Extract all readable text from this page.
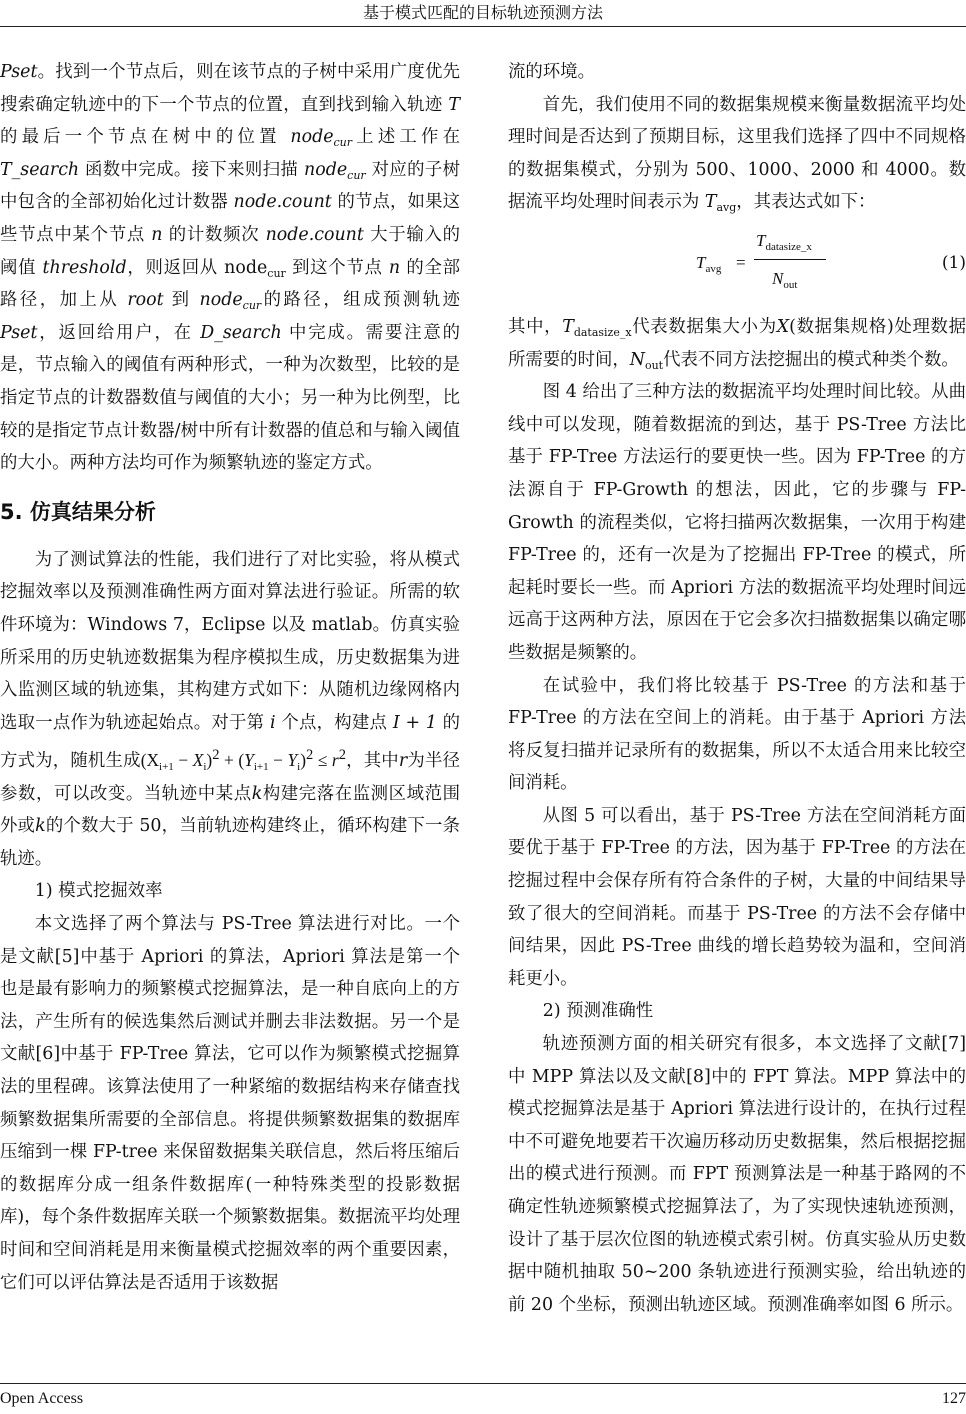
基于模式匹配的目标轨迹预测方法

Pset。找到一个节点后，则在该节点的子树中采用广度优先搜索确定轨迹中的下一个节点的位置，直到找到输入轨迹 T 的最后一个节点在树中的位置 node$_{cur}$上述工作在 T_search 函数中完成。接下来则扫描 node$_{cur}$ 对应的子树中包含的全部初始化过计数器 node.count 的节点，如果这些节点中某个节点 n 的计数频次 node.count 大于输入的阈值 threshold，则返回从 node$_{cur}$ 到这个节点 n 的全部路径，加上从 root 到 node$_{cur}$的路径，组成预测轨迹 Pset，返回给用户，在 D_search 中完成。需要注意的是，节点输入的阈值有两种形式，一种为次数型，比较的是指定节点的计数器数值与阈值的大小；另一种为比例型，比较的是指定节点计数器/树中所有计数器的值总和与输入阈值的大小。两种方法均可作为频繁轨迹的鉴定方式。

5. 仿真结果分析

为了测试算法的性能，我们进行了对比实验，将从模式挖掘效率以及预测准确性两方面对算法进行验证。所需的软件环境为：Windows 7，Eclipse 以及 matlab。仿真实验所采用的历史轨迹数据集为程序模拟生成，历史数据集为进入监测区域的轨迹集，其构建方式如下：从随机边缘网格内选取一点作为轨迹起始点。对于第 i 个点，构建点 I + 1 的方式为，随机生成$(X_{i+1} - X_i)^2 + (Y_{i+1} - Y_i)^2 \le r^2$，其中r为半径参数，可以改变。当轨迹中某点k构建完落在监测区域范围外或k的个数大于 50，当前轨迹构建终止，循环构建下一条轨迹。

1) 模式挖掘效率

本文选择了两个算法与 PS-Tree 算法进行对比。一个是文献[5]中基于 Apriori 的算法，Apriori 算法是第一个也是最有影响力的频繁模式挖掘算法，是一种自底向上的方法，产生所有的候选集然后测试并删去非法数据。另一个是文献[6]中基于 FP-Tree 算法，它可以作为频繁模式挖掘算法的里程碑。该算法使用了一种紧缩的数据结构来存储查找频繁数据集所需要的全部信息。将提供频繁数据集的数据库压缩到一棵 FP-tree 来保留数据集关联信息，然后将压缩后的数据库分成一组条件数据库(一种特殊类型的投影数据库)，每个条件数据库关联一个频繁数据集。数据流平均处理时间和空间消耗是用来衡量模式挖掘效率的两个重要因素，它们可以评估算法是否适用于该数据

流的环境。

首先，我们使用不同的数据集规模来衡量数据流平均处理时间是否达到了预期目标，这里我们选择了四中不同规格的数据集模式，分别为 500、1000、2000 和 4000。数据流平均处理时间表示为 $T_{avg}$，其表达式如下：

$T_{avg}$ =
$T_{datasize\_x}$
$N_{out}$
(1)

其中，$T_{datasize\_x}$代表数据集大小为X(数据集规格)处理数据所需要的时间，$N_{out}$代表不同方法挖掘出的模式种类个数。

图 4 给出了三种方法的数据流平均处理时间比较。从曲线中可以发现，随着数据流的到达，基于 PS-Tree 方法比基于 FP-Tree 方法运行的要更快一些。因为 FP-Tree 的方法源自于 FP-Growth 的想法，因此，它的步骤与 FP-Growth 的流程类似，它将扫描两次数据集，一次用于构建 FP-Tree 的，还有一次是为了挖掘出 FP-Tree 的模式，所起耗时要长一些。而 Apriori 方法的数据流平均处理时间远远高于这两种方法，原因在于它会多次扫描数据集以确定哪些数据是频繁的。

在试验中，我们将比较基于 PS-Tree 的方法和基于 FP-Tree 的方法在空间上的消耗。由于基于 Apriori 方法将反复扫描并记录所有的数据集，所以不太适合用来比较空间消耗。

从图 5 可以看出，基于 PS-Tree 方法在空间消耗方面要优于基于 FP-Tree 的方法，因为基于 FP-Tree 的方法在挖掘过程中会保存所有符合条件的子树，大量的中间结果导致了很大的空间消耗。而基于 PS-Tree 的方法不会存储中间结果，因此 PS-Tree 曲线的增长趋势较为温和，空间消耗更小。

2) 预测准确性

轨迹预测方面的相关研究有很多，本文选择了文献[7]中 MPP 算法以及文献[8]中的 FPT 算法。MPP 算法中的模式挖掘算法是基于 Apriori 算法进行设计的，在执行过程中不可避免地要若干次遍历移动历史数据集，然后根据挖掘出的模式进行预测。而 FPT 预测算法是一种基于路网的不确定性轨迹频繁模式挖掘算法了，为了实现快速轨迹预测，设计了基于层次位图的轨迹模式索引树。仿真实验从历史数据中随机抽取 50~200 条轨迹进行预测实验，给出轨迹的前 20 个坐标，预测出轨迹区域。预测准确率如图 6 所示。

Open Access	127
